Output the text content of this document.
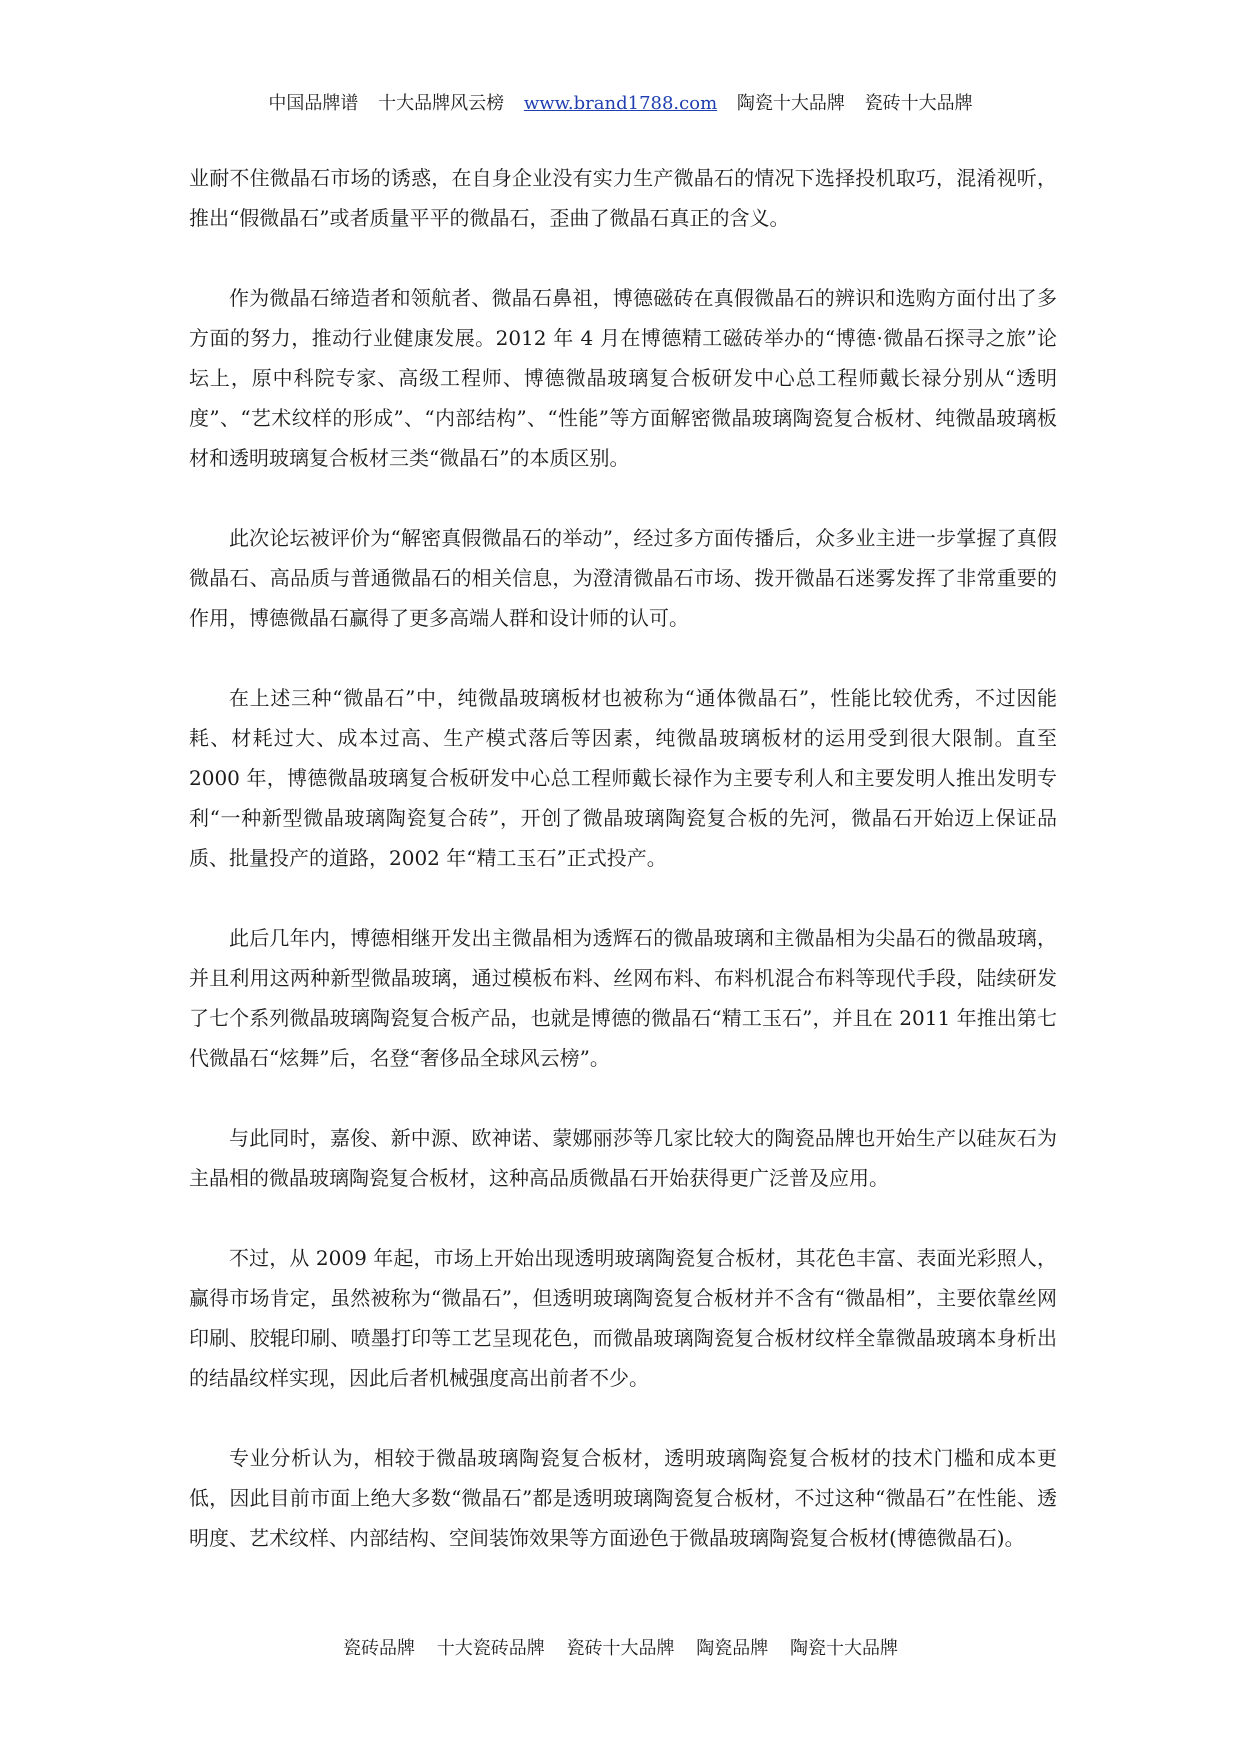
中国品牌谱 十大品牌风云榜 www.brand1788.com 陶瓷十大品牌 瓷砖十大品牌

业耐不住微晶石市场的诱惑，在自身企业没有实力生产微晶石的情况下选择投机取巧，混淆视听，推出“假微晶石”或者质量平平的微晶石，歪曲了微晶石真正的含义。

作为微晶石缔造者和领航者、微晶石鼻祖，博德磁砖在真假微晶石的辨识和选购方面付出了多方面的努力，推动行业健康发展。2012 年 4 月在博德精工磁砖举办的“博德·微晶石探寻之旅”论坛上，原中科院专家、高级工程师、博德微晶玻璃复合板研发中心总工程师戴长禄分别从“透明度”、“艺术纹样的形成”、“内部结构”、“性能”等方面解密微晶玻璃陶瓷复合板材、纯微晶玻璃板材和透明玻璃复合板材三类“微晶石”的本质区别。

此次论坛被评价为“解密真假微晶石的举动”，经过多方面传播后，众多业主进一步掌握了真假微晶石、高品质与普通微晶石的相关信息，为澄清微晶石市场、拨开微晶石迷雾发挥了非常重要的作用，博德微晶石赢得了更多高端人群和设计师的认可。

在上述三种“微晶石”中，纯微晶玻璃板材也被称为“通体微晶石”，性能比较优秀，不过因能耗、材耗过大、成本过高、生产模式落后等因素，纯微晶玻璃板材的运用受到很大限制。直至 2000 年，博德微晶玻璃复合板研发中心总工程师戴长禄作为主要专利人和主要发明人推出发明专利“一种新型微晶玻璃陶瓷复合砖”，开创了微晶玻璃陶瓷复合板的先河，微晶石开始迈上保证品质、批量投产的道路，2002 年“精工玉石”正式投产。

此后几年内，博德相继开发出主微晶相为透辉石的微晶玻璃和主微晶相为尖晶石的微晶玻璃，并且利用这两种新型微晶玻璃，通过模板布料、丝网布料、布料机混合布料等现代手段，陆续研发了七个系列微晶玻璃陶瓷复合板产品，也就是博德的微晶石“精工玉石”，并且在 2011 年推出第七代微晶石“炫舞”后，名登“奢侈品全球风云榜”。

与此同时，嘉俊、新中源、欧神诺、蒙娜丽莎等几家比较大的陶瓷品牌也开始生产以硅灰石为主晶相的微晶玻璃陶瓷复合板材，这种高品质微晶石开始获得更广泛普及应用。

不过，从 2009 年起，市场上开始出现透明玻璃陶瓷复合板材，其花色丰富、表面光彩照人，赢得市场肯定，虽然被称为“微晶石”，但透明玻璃陶瓷复合板材并不含有“微晶相”，主要依靠丝网印刷、胶辊印刷、喷墨打印等工艺呈现花色，而微晶玻璃陶瓷复合板材纹样全靠微晶玻璃本身析出的结晶纹样实现，因此后者机械强度高出前者不少。

专业分析认为，相较于微晶玻璃陶瓷复合板材，透明玻璃陶瓷复合板材的技术门槛和成本更低，因此目前市面上绝大多数“微晶石”都是透明玻璃陶瓷复合板材，不过这种“微晶石”在性能、透明度、艺术纹样、内部结构、空间装饰效果等方面逊色于微晶玻璃陶瓷复合板材(博德微晶石)。

瓷砖品牌 十大瓷砖品牌 瓷砖十大品牌 陶瓷品牌 陶瓷十大品牌
